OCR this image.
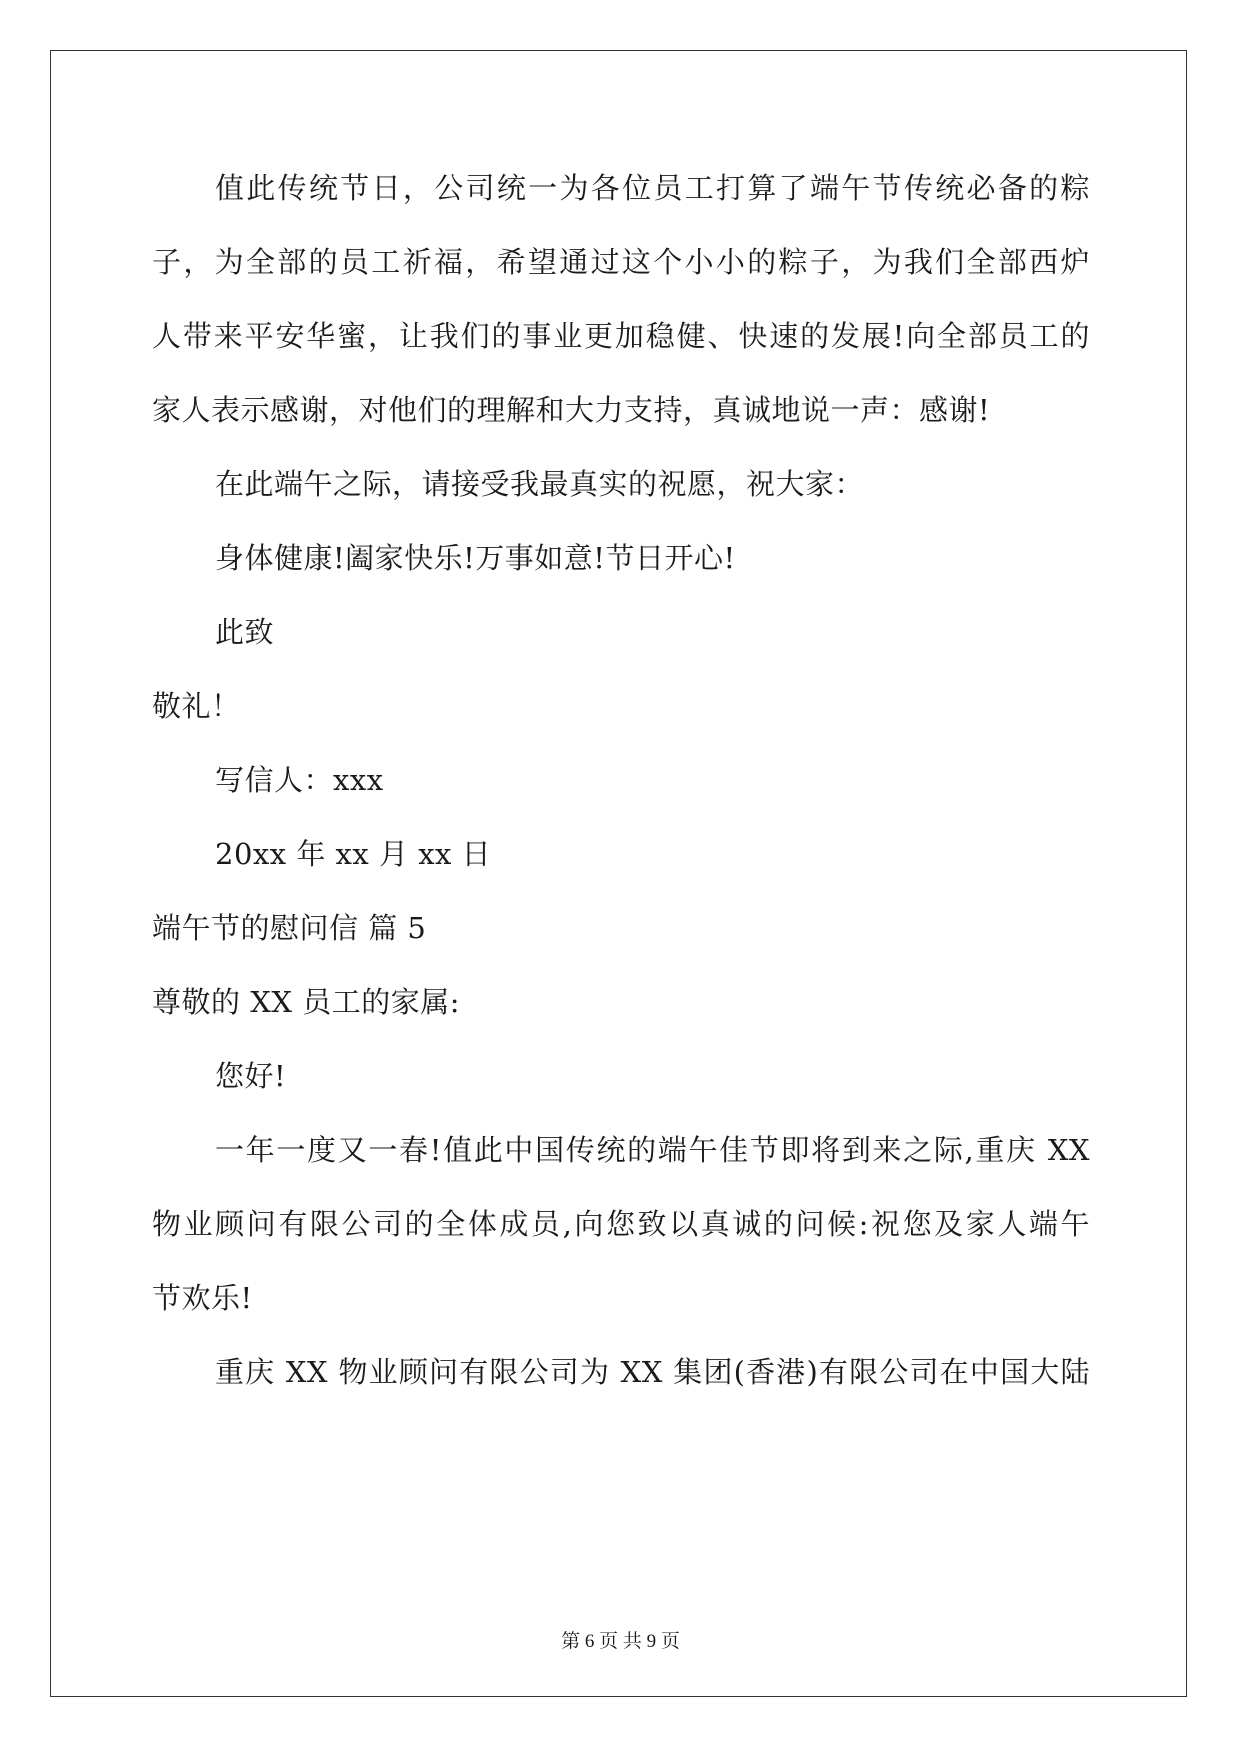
值此传统节日，公司统一为各位员工打算了端午节传统必备的粽
子，为全部的员工祈福，希望通过这个小小的粽子，为我们全部西炉
人带来平安华蜜，让我们的事业更加稳健、快速的发展!向全部员工的
家人表示感谢，对他们的理解和大力支持，真诚地说一声：感谢!
在此端午之际，请接受我最真实的祝愿，祝大家：
身体健康!阖家快乐!万事如意!节日开心!
此致
敬礼！
写信人：xxx
20xx 年 xx 月 xx 日
端午节的慰问信 篇 5
尊敬的 XX 员工的家属:
您好!
一年一度又一春!值此中国传统的端午佳节即将到来之际,重庆 XX
物业顾问有限公司的全体成员,向您致以真诚的问候:祝您及家人端午
节欢乐!
重庆 XX 物业顾问有限公司为 XX 集团(香港)有限公司在中国大陆
第 6 页 共 9 页
